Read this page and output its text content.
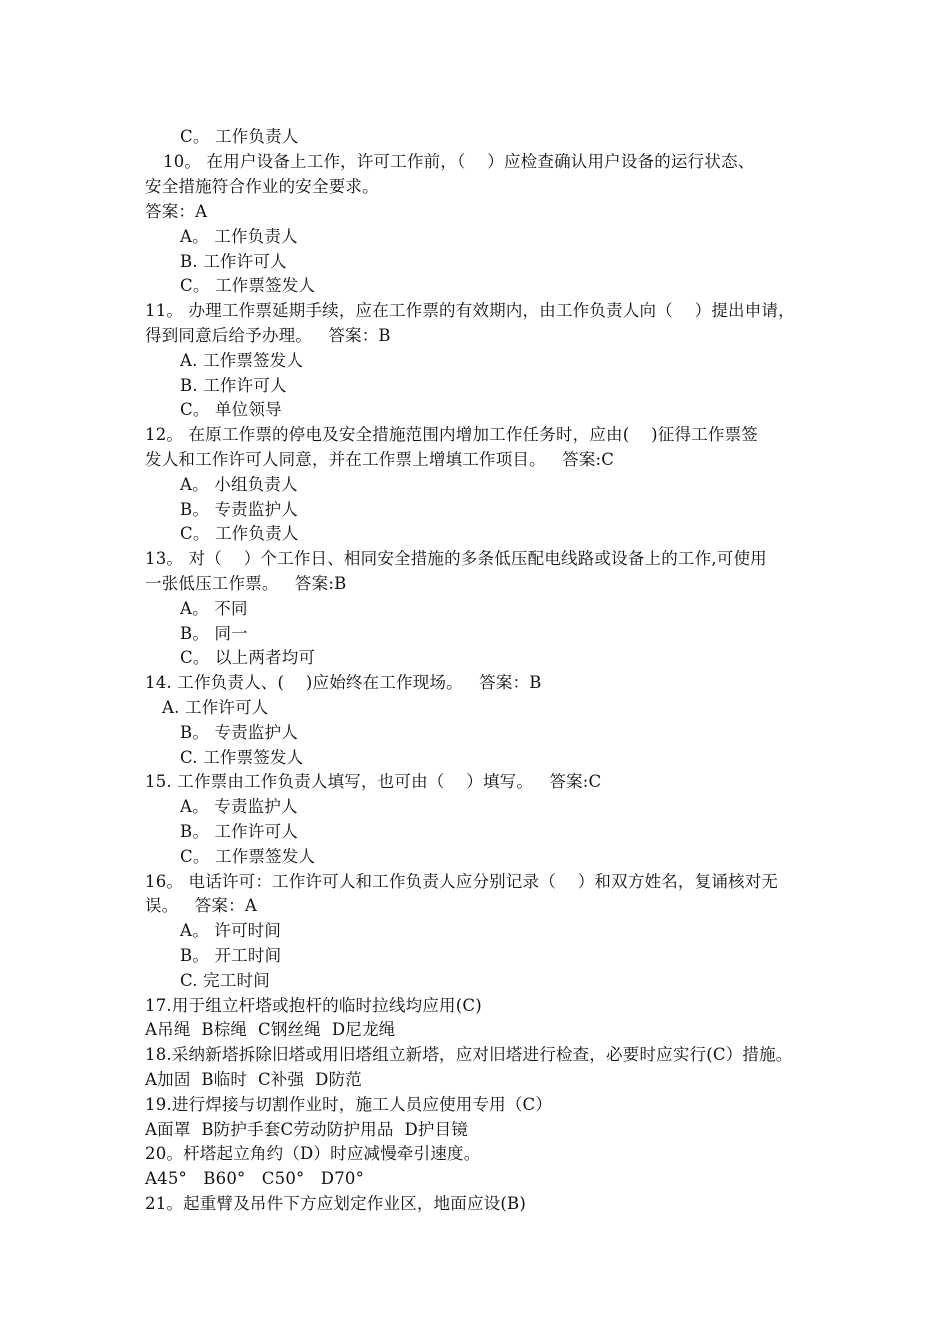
C。 工作负责人
10。 在用户设备上工作，许可工作前，（    ）应检查确认用户设备的运行状态、
安全措施符合作业的安全要求。
答案：A
A。 工作负责人
B. 工作许可人
C。 工作票签发人
11。 办理工作票延期手续，应在工作票的有效期内，由工作负责人向（    ）提出申请，
得到同意后给予办理。   答案：B
A. 工作票签发人
B. 工作许可人
C。 单位领导
12。 在原工作票的停电及安全措施范围内增加工作任务时，应由(    )征得工作票签
发人和工作许可人同意，并在工作票上增填工作项目。   答案:C
A。 小组负责人
B。 专责监护人
C。 工作负责人
13。 对（    ）个工作日、相同安全措施的多条低压配电线路或设备上的工作,可使用
一张低压工作票。   答案:B
A。 不同
B。 同一
C。 以上两者均可
14. 工作负责人、(    )应始终在工作现场。   答案：B
A. 工作许可人
B。 专责监护人
C. 工作票签发人
15. 工作票由工作负责人填写，也可由（    ）填写。   答案:C
A。 专责监护人
B。 工作许可人
C。 工作票签发人
16。 电话许可：工作许可人和工作负责人应分别记录（    ）和双方姓名，复诵核对无
误。   答案：A
A。 许可时间
B。 开工时间
C. 完工时间
17.用于组立杆塔或抱杆的临时拉线均应用(C)
A吊绳  B棕绳  C钢丝绳  D尼龙绳
18.采纳新塔拆除旧塔或用旧塔组立新塔，应对旧塔进行检查，必要时应实行(C）措施。
A加固  B临时  C补强  D防范
19.进行焊接与切割作业时，施工人员应使用专用（C）
A面罩  B防护手套C劳动防护用品  D护目镜
20。杆塔起立角约（D）时应减慢牵引速度。
A45°   B60°   C50°   D70°
21。起重臂及吊件下方应划定作业区，地面应设(B)
